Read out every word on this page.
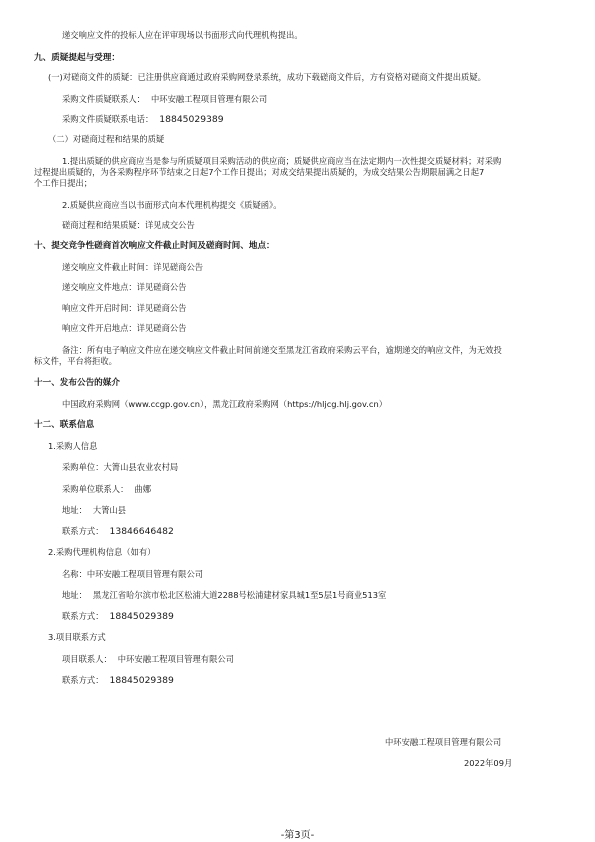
递交响应文件的投标人应在评审现场以书面形式向代理机构提出。
九、质疑提起与受理：
(一)对磋商文件的质疑：已注册供应商通过政府采购网登录系统，成功下载磋商文件后，方有资格对磋商文件提出质疑。
采购文件质疑联系人： 中环安融工程项目管理有限公司
采购文件质疑联系电话： 18845029389
（二）对磋商过程和结果的质疑
1.提出质疑的供应商应当是参与所质疑项目采购活动的供应商；质疑供应商应当在法定期内一次性提交质疑材料；对采购
过程提出质疑的，为各采购程序环节结束之日起7个工作日提出；对成交结果提出质疑的，为成交结果公告期限届满之日起7
个工作日提出；
2.质疑供应商应当以书面形式向本代理机构提交《质疑函》。
磋商过程和结果质疑：详见成交公告
十、提交竞争性磋商首次响应文件截止时间及磋商时间、地点：
递交响应文件截止时间：详见磋商公告
递交响应文件地点：详见磋商公告
响应文件开启时间：详见磋商公告
响应文件开启地点：详见磋商公告
备注：所有电子响应文件应在递交响应文件截止时间前递交至黑龙江省政府采购云平台，逾期递交的响应文件，为无效投
标文件，平台将拒收。
十一、发布公告的媒介
中国政府采购网（www.ccgp.gov.cn），黑龙江政府采购网（https://hljcg.hlj.gov.cn）
十二、联系信息
1.采购人信息
采购单位：大箐山县农业农村局
采购单位联系人： 曲娜
地址： 大箐山县
联系方式： 13846646482
2.采购代理机构信息（如有）
名称：中环安融工程项目管理有限公司
地址： 黑龙江省哈尔滨市松北区松浦大道2288号松浦建材家具城1至5层1号商业513室
联系方式： 18845029389
3.项目联系方式
项目联系人： 中环安融工程项目管理有限公司
联系方式： 18845029389
中环安融工程项目管理有限公司
2022年09月
-第3页-
